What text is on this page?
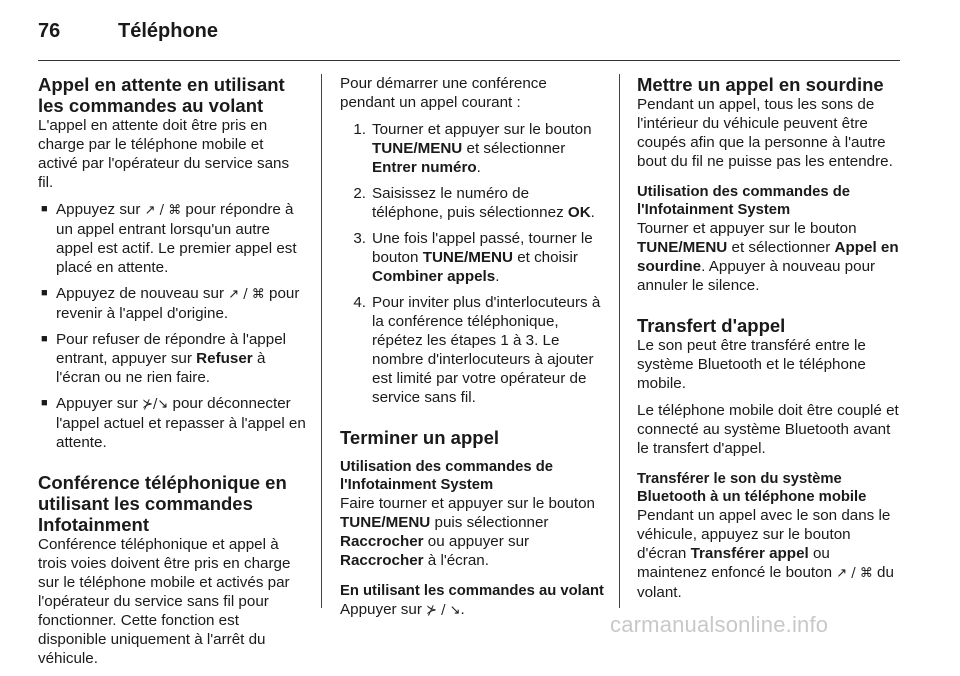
76	Téléphone
Appel en attente en utilisant les commandes au volant

L'appel en attente doit être pris en charge par le téléphone mobile et activé par l'opérateur du service sans fil.

■ Appuyez sur ↗ / ⌘ pour répondre à un appel entrant lorsqu'un autre appel est actif. Le premier appel est placé en attente.
■ Appuyez de nouveau sur ↗ / ⌘ pour revenir à l'appel d'origine.
■ Pour refuser de répondre à l'appel entrant, appuyer sur Refuser à l'écran ou ne rien faire.
■ Appuyer sur ⊁/↘ pour déconnecter l'appel actuel et repasser à l'appel en attente.
Conférence téléphonique en utilisant les commandes Infotainment

Conférence téléphonique et appel à trois voies doivent être pris en charge sur le téléphone mobile et activés par l'opérateur du service sans fil pour fonctionner. Cette fonction est disponible uniquement à l'arrêt du véhicule.

Pour démarrer une conférence pendant un appel courant :

1. Tourner et appuyer sur le bouton TUNE/MENU et sélectionner Entrer numéro.
2. Saisissez le numéro de téléphone, puis sélectionnez OK.
3. Une fois l'appel passé, tourner le bouton TUNE/MENU et choisir Combiner appels.
4. Pour inviter plus d'interlocuteurs à la conférence téléphonique, répétez les étapes 1 à 3. Le nombre d'interlocuteurs à ajouter est limité par votre opérateur de service sans fil.
Terminer un appel
Utilisation des commandes de l'Infotainment System

Faire tourner et appuyer sur le bouton TUNE/MENU puis sélectionner Raccrocher ou appuyer sur Raccrocher à l'écran.

En utilisant les commandes au volant

Appuyer sur ⊁ / ↘.

Mettre un appel en sourdine

Pendant un appel, tous les sons de l'intérieur du véhicule peuvent être coupés afin que la personne à l'autre bout du fil ne puisse pas les entendre.

Utilisation des commandes de l'Infotainment System

Tourner et appuyer sur le bouton TUNE/MENU et sélectionner Appel en sourdine. Appuyer à nouveau pour annuler le silence.

Transfert d'appel

Le son peut être transféré entre le système Bluetooth et le téléphone mobile.

Le téléphone mobile doit être couplé et connecté au système Bluetooth avant le transfert d'appel.

Transférer le son du système Bluetooth à un téléphone mobile

Pendant un appel avec le son dans le véhicule, appuyez sur le bouton d'écran Transférer appel ou maintenez enfoncé le bouton ↗ / ⌘ du volant.

carmanualsonline.info
